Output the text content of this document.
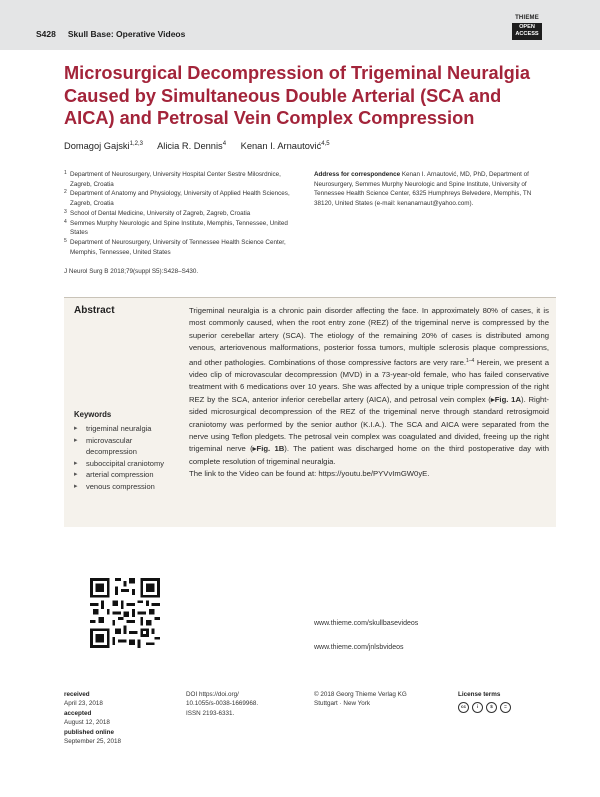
S428 Skull Base: Operative Videos
THIEME
OPEN
ACCESS
Microsurgical Decompression of Trigeminal Neuralgia Caused by Simultaneous Double Arterial (SCA and AICA) and Petrosal Vein Complex Compression
Domagoj Gajski$^{1,2,3}$ Alicia R. Dennis$^4$ Kenan I. Arnautović$^{4,5}$
1 Department of Neurosurgery, University Hospital Center Sestre Milosrdnice, Zagreb, Croatia
2 Department of Anatomy and Physiology, University of Applied Health Sciences, Zagreb, Croatia
3 School of Dental Medicine, University of Zagreb, Zagreb, Croatia
4 Semmes Murphy Neurologic and Spine Institute, Memphis, Tennessee, United States
5 Department of Neurosurgery, University of Tennessee Health Science Center, Memphis, Tennessee, United States
Address for correspondence Kenan I. Arnautović, MD, PhD, Department of Neurosurgery, Semmes Murphy Neurologic and Spine Institute, University of Tennessee Health Science Center, 6325 Humphreys Belvedere, Memphis, TN 38120, United States (e-mail: kenanarnaut@yahoo.com).
J Neurol Surg B 2018;79(suppl S5):S428–S430.
Abstract	Trigeminal neuralgia is a chronic pain disorder affecting the face. In approximately 80% of cases, it is most commonly caused, when the root entry zone (REZ) of the trigeminal nerve is compressed by the superior cerebellar artery (SCA). The etiology of the remaining 20% of cases is distributed among venous, arteriovenous malformations, posterior fossa tumors, multiple sclerosis plaque compressions, and other pathologies. Combinations of those compressive factors are very rare.$^{1-4}$ Herein, we present a video clip of microvascular decompression (MVD) in a 73-year-old female, who has failed conservative treatment with 6 medications over 10 years. She was affected by a unique triple compression of the right REZ by the SCA, anterior inferior cerebellar artery (AICA), and petrosal vein complex (▸Fig. 1A). Right-sided microsurgical decompression of the REZ of the trigeminal nerve through standard retrosigmoid craniotomy was performed by the senior author (K.I.A.). The SCA and AICA were separated from the nerve using Teflon pledgets. The petrosal vein complex was coagulated and divided, freeing up the right trigeminal nerve (▸Fig. 1B). The patient was discharged home on the third postoperative day with complete resolution of trigeminal neuralgia.

The link to the Video can be found at: https://youtu.be/PYVvImGW0yE.

Keywords
▸ trigeminal neuralgia
▸ microvascular decompression
▸ suboccipital craniotomy
▸ arterial compression
▸ venous compression
www.thieme.com/skullbasevideos
www.thieme.com/jnlsbvideos
received
April 23, 2018
accepted
August 12, 2018
published online
September 25, 2018
DOI https://doi.org/
10.1055/s-0038-1669968.
ISSN 2193-6331.
© 2018 Georg Thieme Verlag KG
Stuttgart · New York
License terms
cc	i	$	=
